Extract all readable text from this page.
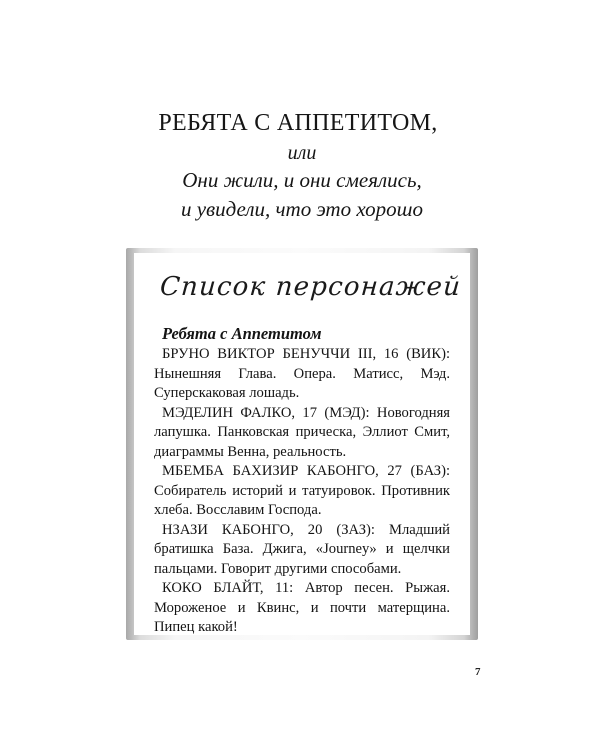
РЕБЯТА С АППЕТИТОМ,
или
Они жили, и они смеялись,
и увидели, что это хорошо
Список персонажей
Ребята с Аппетитом

БРУНО ВИКТОР БЕНУЧЧИ III, 16 (ВИК): Нынешняя Глава. Опера. Матисс, Мэд. Суперскаковая лошадь.

МЭДЕЛИН ФАЛКО, 17 (МЭД): Новогодняя лапушка. Панковская прическа, Эллиот Смит, диаграммы Венна, реальность.

МБЕМБА БАХИЗИР КАБОНГО, 27 (БАЗ): Собиратель историй и татуировок. Противник хлеба. Восславим Господа.

НЗАЗИ КАБОНГО, 20 (ЗАЗ): Младший братишка База. Джига, «Journey» и щелчки пальцами. Говорит другими способами.

КОКО БЛАЙТ, 11: Автор песен. Рыжая. Мороженое и Квинс, и почти матерщина. Пипец какой!

7
